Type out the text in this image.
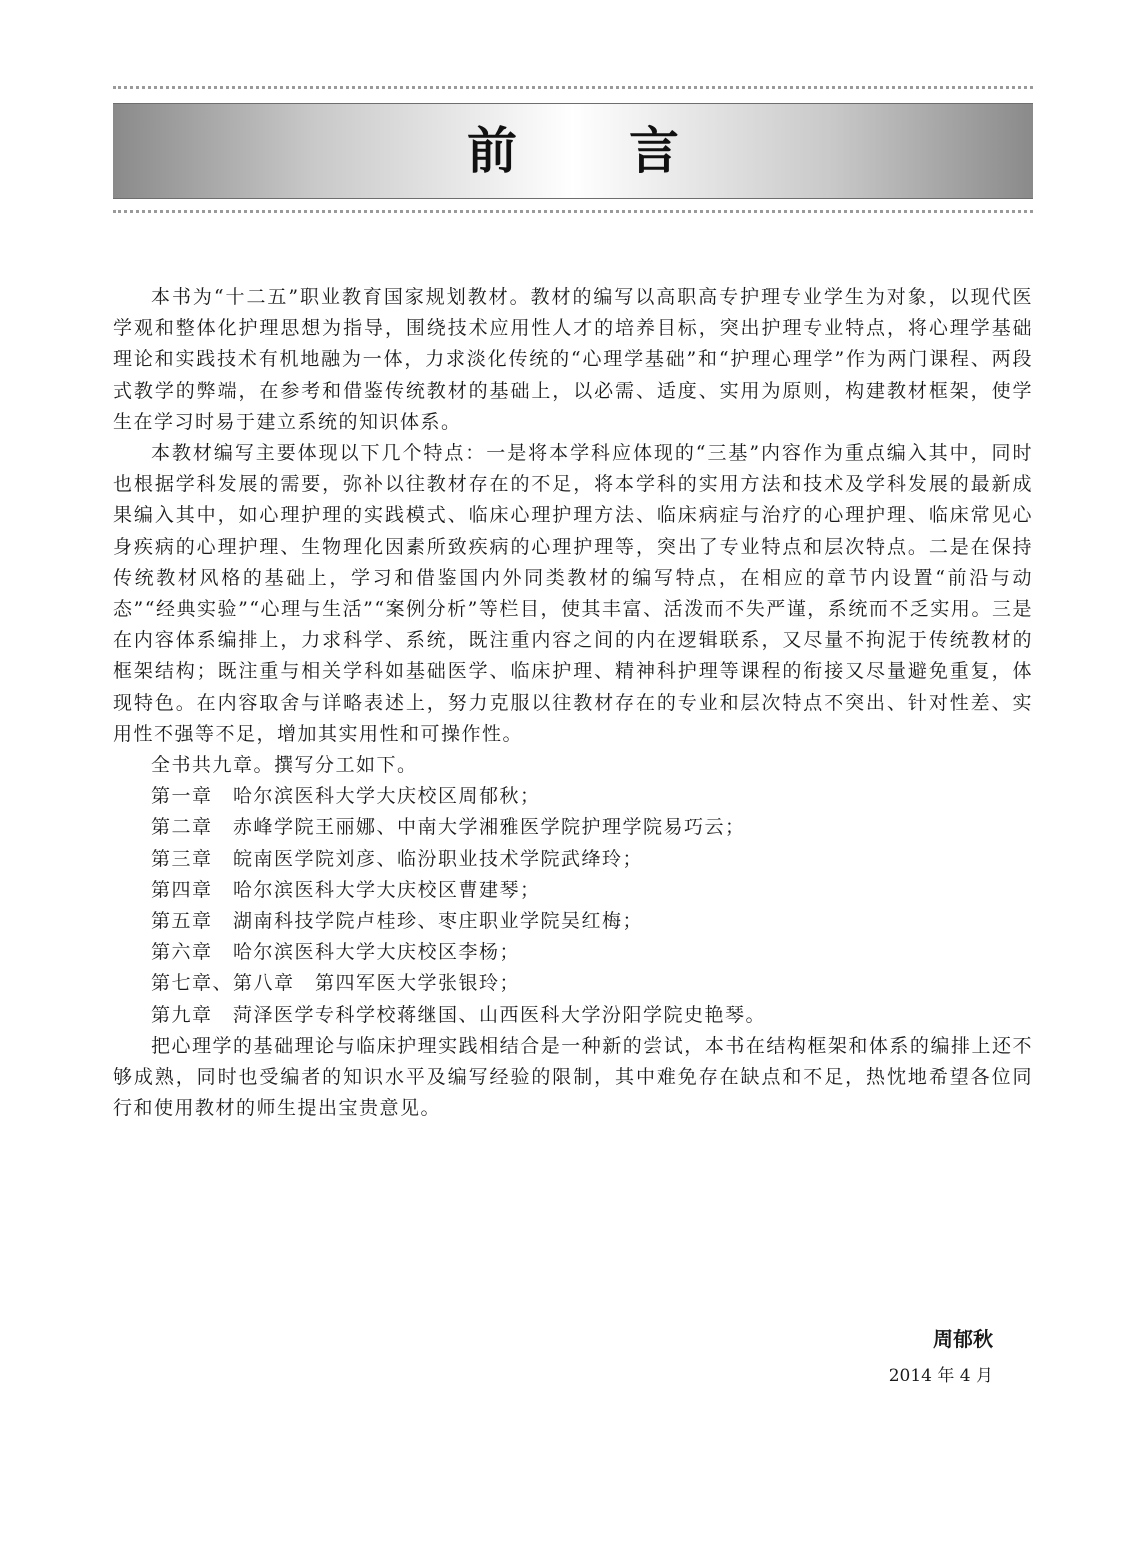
前言

本书为“十二五”职业教育国家规划教材。教材的编写以高职高专护理专业学生为对象，以现代医学观和整体化护理思想为指导，围绕技术应用性人才的培养目标，突出护理专业特点，将心理学基础理论和实践技术有机地融为一体，力求淡化传统的“心理学基础”和“护理心理学”作为两门课程、两段式教学的弊端，在参考和借鉴传统教材的基础上，以必需、适度、实用为原则，构建教材框架，使学生在学习时易于建立系统的知识体系。

本教材编写主要体现以下几个特点：一是将本学科应体现的“三基”内容作为重点编入其中，同时也根据学科发展的需要，弥补以往教材存在的不足，将本学科的实用方法和技术及学科发展的最新成果编入其中，如心理护理的实践模式、临床心理护理方法、临床病症与治疗的心理护理、临床常见心身疾病的心理护理、生物理化因素所致疾病的心理护理等，突出了专业特点和层次特点。二是在保持传统教材风格的基础上，学习和借鉴国内外同类教材的编写特点，在相应的章节内设置“前沿与动态”“经典实验”“心理与生活”“案例分析”等栏目，使其丰富、活泼而不失严谨，系统而不乏实用。三是在内容体系编排上，力求科学、系统，既注重内容之间的内在逻辑联系，又尽量不拘泥于传统教材的框架结构；既注重与相关学科如基础医学、临床护理、精神科护理等课程的衔接又尽量避免重复，体现特色。在内容取舍与详略表述上，努力克服以往教材存在的专业和层次特点不突出、针对性差、实用性不强等不足，增加其实用性和可操作性。

全书共九章。撰写分工如下。

第一章　哈尔滨医科大学大庆校区周郁秋；

第二章　赤峰学院王丽娜、中南大学湘雅医学院护理学院易巧云；

第三章　皖南医学院刘彦、临汾职业技术学院武绛玲；

第四章　哈尔滨医科大学大庆校区曹建琴；

第五章　湖南科技学院卢桂珍、枣庄职业学院吴红梅；

第六章　哈尔滨医科大学大庆校区李杨；

第七章、第八章　第四军医大学张银玲；

第九章　菏泽医学专科学校蒋继国、山西医科大学汾阳学院史艳琴。

把心理学的基础理论与临床护理实践相结合是一种新的尝试，本书在结构框架和体系的编排上还不够成熟，同时也受编者的知识水平及编写经验的限制，其中难免存在缺点和不足，热忱地希望各位同行和使用教材的师生提出宝贵意见。

周郁秋
2014 年 4 月
